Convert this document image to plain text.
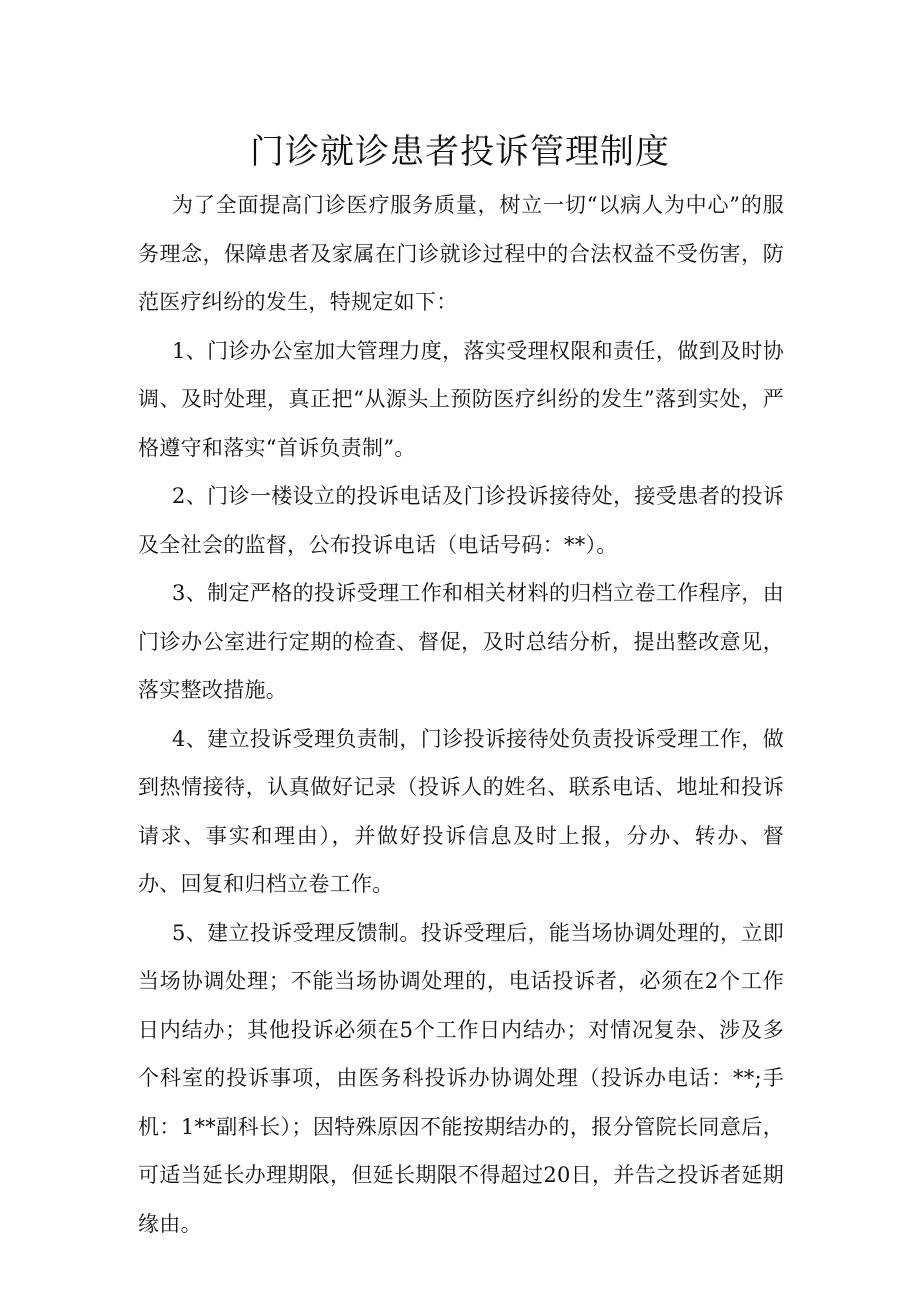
门诊就诊患者投诉管理制度

为了全面提高门诊医疗服务质量，树立一切“以病人为中心”的服务理念，保障患者及家属在门诊就诊过程中的合法权益不受伤害，防范医疗纠纷的发生，特规定如下：

1、门诊办公室加大管理力度，落实受理权限和责任，做到及时协调、及时处理，真正把“从源头上预防医疗纠纷的发生”落到实处，严格遵守和落实“首诉负责制”。

2、门诊一楼设立的投诉电话及门诊投诉接待处，接受患者的投诉及全社会的监督，公布投诉电话（电话号码：**）。

3、制定严格的投诉受理工作和相关材料的归档立卷工作程序，由门诊办公室进行定期的检查、督促，及时总结分析，提出整改意见，落实整改措施。

4、建立投诉受理负责制，门诊投诉接待处负责投诉受理工作，做到热情接待，认真做好记录（投诉人的姓名、联系电话、地址和投诉请求、事实和理由），并做好投诉信息及时上报，分办、转办、督办、回复和归档立卷工作。

5、建立投诉受理反馈制。投诉受理后，能当场协调处理的，立即当场协调处理；不能当场协调处理的，电话投诉者，必须在2个工作日内结办；其他投诉必须在5个工作日内结办；对情况复杂、涉及多个科室的投诉事项，由医务科投诉办协调处理（投诉办电话：**;手机：1**副科长）；因特殊原因不能按期结办的，报分管院长同意后，可适当延长办理期限，但延长期限不得超过20日，并告之投诉者延期缘由。
